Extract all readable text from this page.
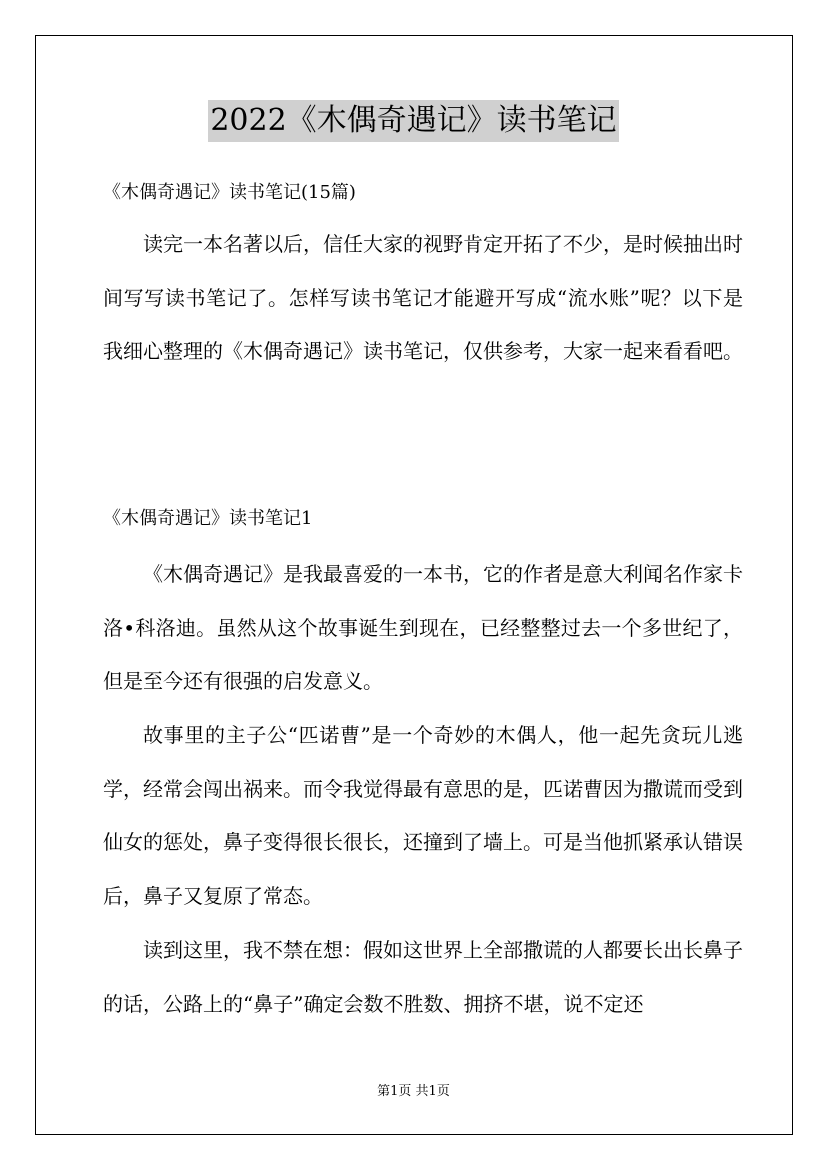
2022《木偶奇遇记》读书笔记
《木偶奇遇记》读书笔记(15篇)

读完一本名著以后，信任大家的视野肯定开拓了不少，是时候抽出时间写写读书笔记了。怎样写读书笔记才能避开写成“流水账”呢？以下是我细心整理的《木偶奇遇记》读书笔记，仅供参考，大家一起来看看吧。

《木偶奇遇记》读书笔记1

《木偶奇遇记》是我最喜爱的一本书，它的作者是意大利闻名作家卡洛•科洛迪。虽然从这个故事诞生到现在，已经整整过去一个多世纪了，但是至今还有很强的启发意义。

故事里的主子公“匹诺曹”是一个奇妙的木偶人，他一起先贪玩儿逃学，经常会闯出祸来。而令我觉得最有意思的是，匹诺曹因为撒谎而受到仙女的惩处，鼻子变得很长很长，还撞到了墙上。可是当他抓紧承认错误后，鼻子又复原了常态。

读到这里，我不禁在想：假如这世界上全部撒谎的人都要长出长鼻子的话，公路上的“鼻子”确定会数不胜数、拥挤不堪，说不定还

第1页 共1页
